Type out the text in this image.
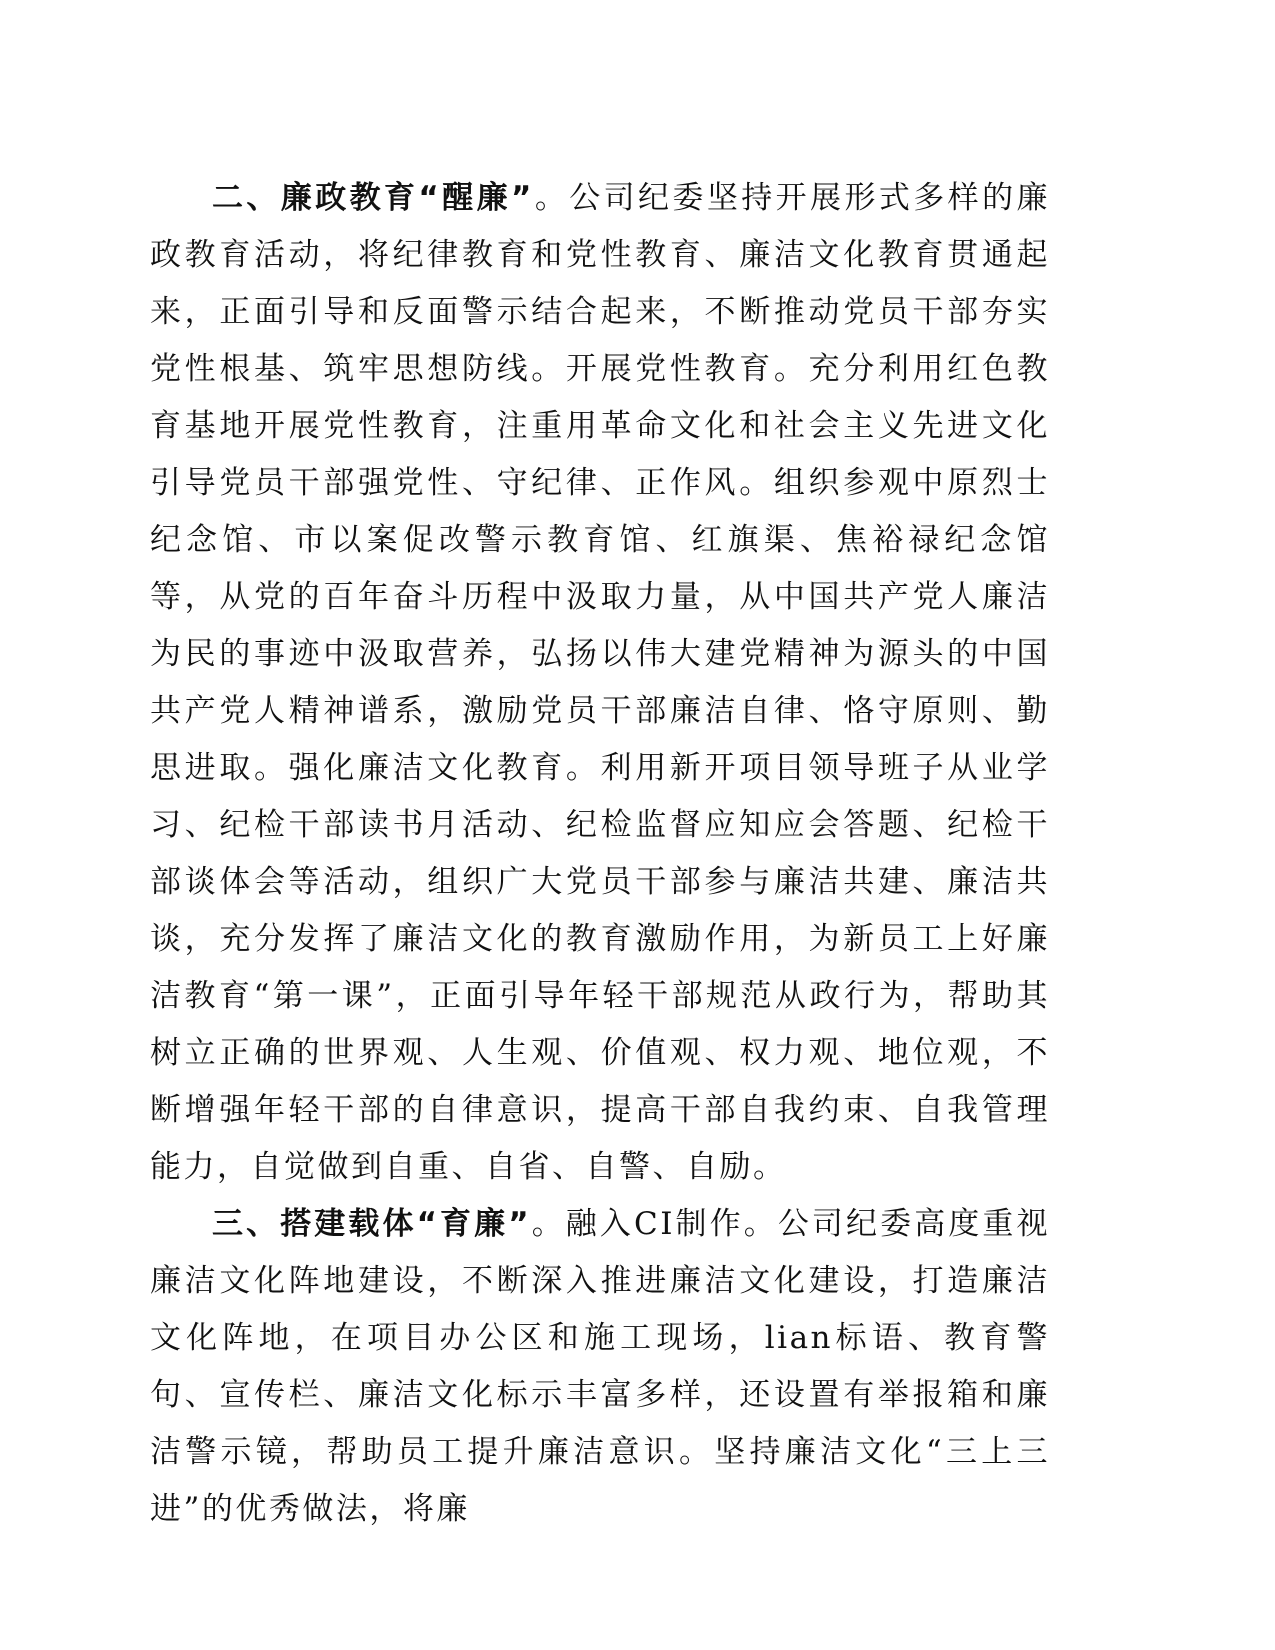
二、廉政教育“醒廉”。公司纪委坚持开展形式多样的廉政教育活动，将纪律教育和党性教育、廉洁文化教育贯通起来，正面引导和反面警示结合起来，不断推动党员干部夯实党性根基、筑牢思想防线。开展党性教育。充分利用红色教育基地开展党性教育，注重用革命文化和社会主义先进文化引导党员干部强党性、守纪律、正作风。组织参观中原烈士纪念馆、市以案促改警示教育馆、红旗渠、焦裕禄纪念馆等，从党的百年奋斗历程中汲取力量，从中国共产党人廉洁为民的事迹中汲取营养，弘扬以伟大建党精神为源头的中国共产党人精神谱系，激励党员干部廉洁自律、恪守原则、勤思进取。强化廉洁文化教育。利用新开项目领导班子从业学习、纪检干部读书月活动、纪检监督应知应会答题、纪检干部谈体会等活动，组织广大党员干部参与廉洁共建、廉洁共谈，充分发挥了廉洁文化的教育激励作用，为新员工上好廉洁教育“第一课”，正面引导年轻干部规范从政行为，帮助其树立正确的世界观、人生观、价值观、权力观、地位观，不断增强年轻干部的自律意识，提高干部自我约束、自我管理能力，自觉做到自重、自省、自警、自励。

三、搭建载体“育廉”。融入CI制作。公司纪委高度重视廉洁文化阵地建设，不断深入推进廉洁文化建设，打造廉洁文化阵地，在项目办公区和施工现场，lian标语、教育警句、宣传栏、廉洁文化标示丰富多样，还设置有举报箱和廉洁警示镜，帮助员工提升廉洁意识。坚持廉洁文化“三上三进”的优秀做法，将廉
